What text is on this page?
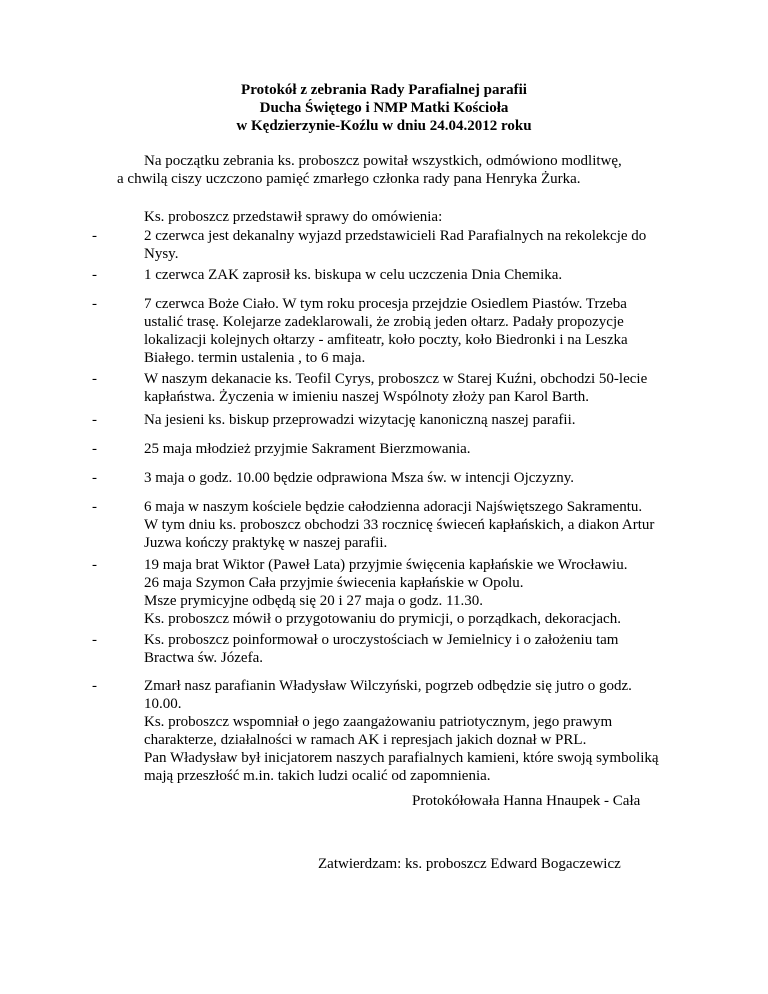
Protokół z zebrania Rady Parafialnej parafii
Ducha Świętego i NMP Matki Kościoła
w Kędzierzynie-Koźlu w dniu 24.04.2012 roku
Na początku zebrania ks. proboszcz powitał wszystkich, odmówiono modlitwę,
a chwilą ciszy uczczono pamięć zmarłego członka rady pana Henryka Żurka.
Ks. proboszcz przedstawił sprawy do omówienia:
-	2 czerwca jest dekanalny wyjazd przedstawicieli Rad Parafialnych na rekolekcje do
Nysy.
-	1 czerwca ZAK zaprosił ks. biskupa w celu uczczenia Dnia Chemika.
-	7 czerwca Boże Ciało. W tym roku procesja przejdzie Osiedlem Piastów. Trzeba
ustalić trasę. Kolejarze zadeklarowali, że zrobią jeden ołtarz. Padały propozycje
lokalizacji kolejnych ołtarzy - amfiteatr, koło poczty, koło Biedronki i na Leszka
Białego. termin ustalenia , to 6 maja.
-	W naszym dekanacie ks. Teofil Cyrys, proboszcz w Starej Kuźni, obchodzi 50-lecie
kapłaństwa. Życzenia w imieniu naszej Wspólnoty złoży pan Karol Barth.
-	Na jesieni ks. biskup przeprowadzi wizytację kanoniczną naszej parafii.
-	25 maja młodzież przyjmie Sakrament Bierzmowania.
-	3 maja o godz. 10.00 będzie odprawiona Msza św. w intencji Ojczyzny.
-	6 maja w naszym kościele będzie całodzienna adoracji Najświętszego Sakramentu.
W tym dniu ks. proboszcz obchodzi 33 rocznicę świeceń kapłańskich, a diakon Artur
Juzwa kończy praktykę w naszej parafii.
-	19 maja brat Wiktor (Paweł Lata) przyjmie święcenia kapłańskie we Wrocławiu.
26 maja Szymon Cała przyjmie świecenia kapłańskie w Opolu.
Msze prymicyjne odbędą się 20 i 27 maja o godz. 11.30.
Ks. proboszcz mówił o przygotowaniu do prymicji, o porządkach, dekoracjach.
-	Ks. proboszcz poinformował o uroczystościach w Jemielnicy i o założeniu tam
Bractwa św. Józefa.
-	Zmarł nasz parafianin Władysław Wilczyński, pogrzeb odbędzie się jutro o godz.
10.00.
Ks. proboszcz wspomniał o jego zaangażowaniu patriotycznym, jego prawym
charakterze, działalności w ramach AK i represjach jakich doznał w PRL.
Pan Władysław był inicjatorem naszych parafialnych kamieni, które swoją symboliką
mają przeszłość m.in. takich ludzi ocalić od zapomnienia.
Protokółowała Hanna Hnaupek - Cała
Zatwierdzam: ks. proboszcz Edward Bogaczewicz
